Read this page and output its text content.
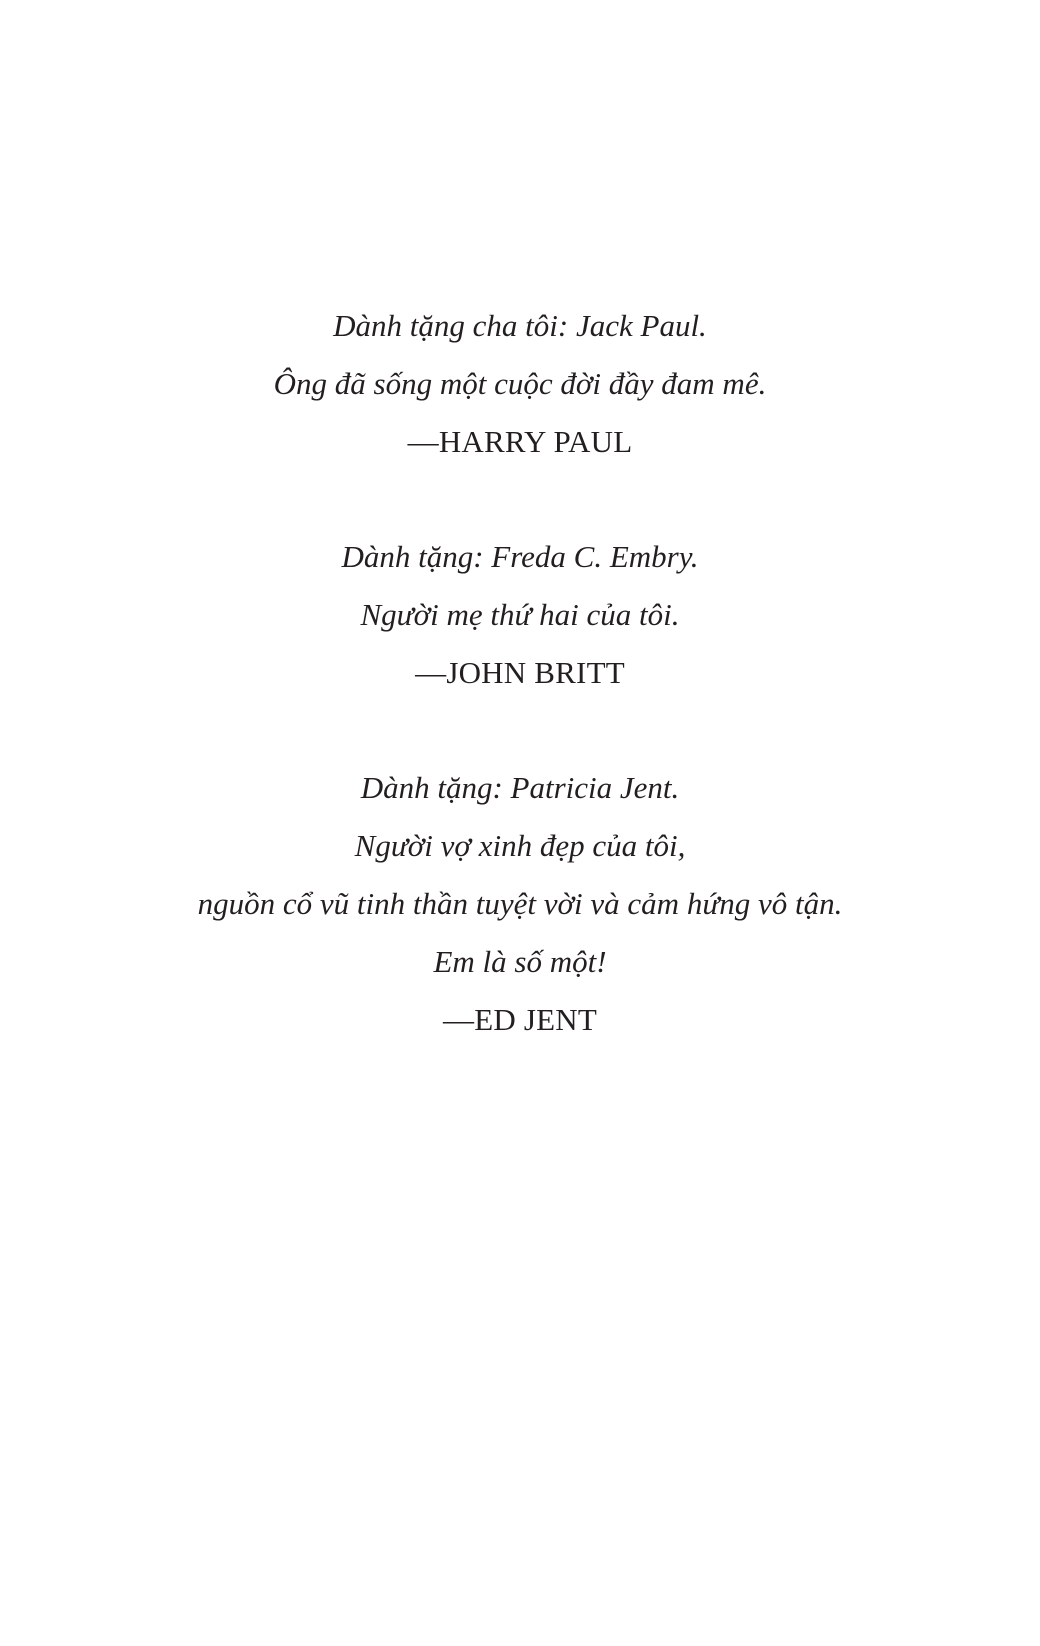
Dành tặng cha tôi: Jack Paul.
Ông đã sống một cuộc đời đầy đam mê.
—HARRY PAUL
Dành tặng: Freda C. Embry.
Người mẹ thứ hai của tôi.
—JOHN BRITT
Dành tặng: Patricia Jent.
Người vợ xinh đẹp của tôi,
nguồn cổ vũ tinh thần tuyệt vời và cảm hứng vô tận.
Em là số một!
—ED JENT
